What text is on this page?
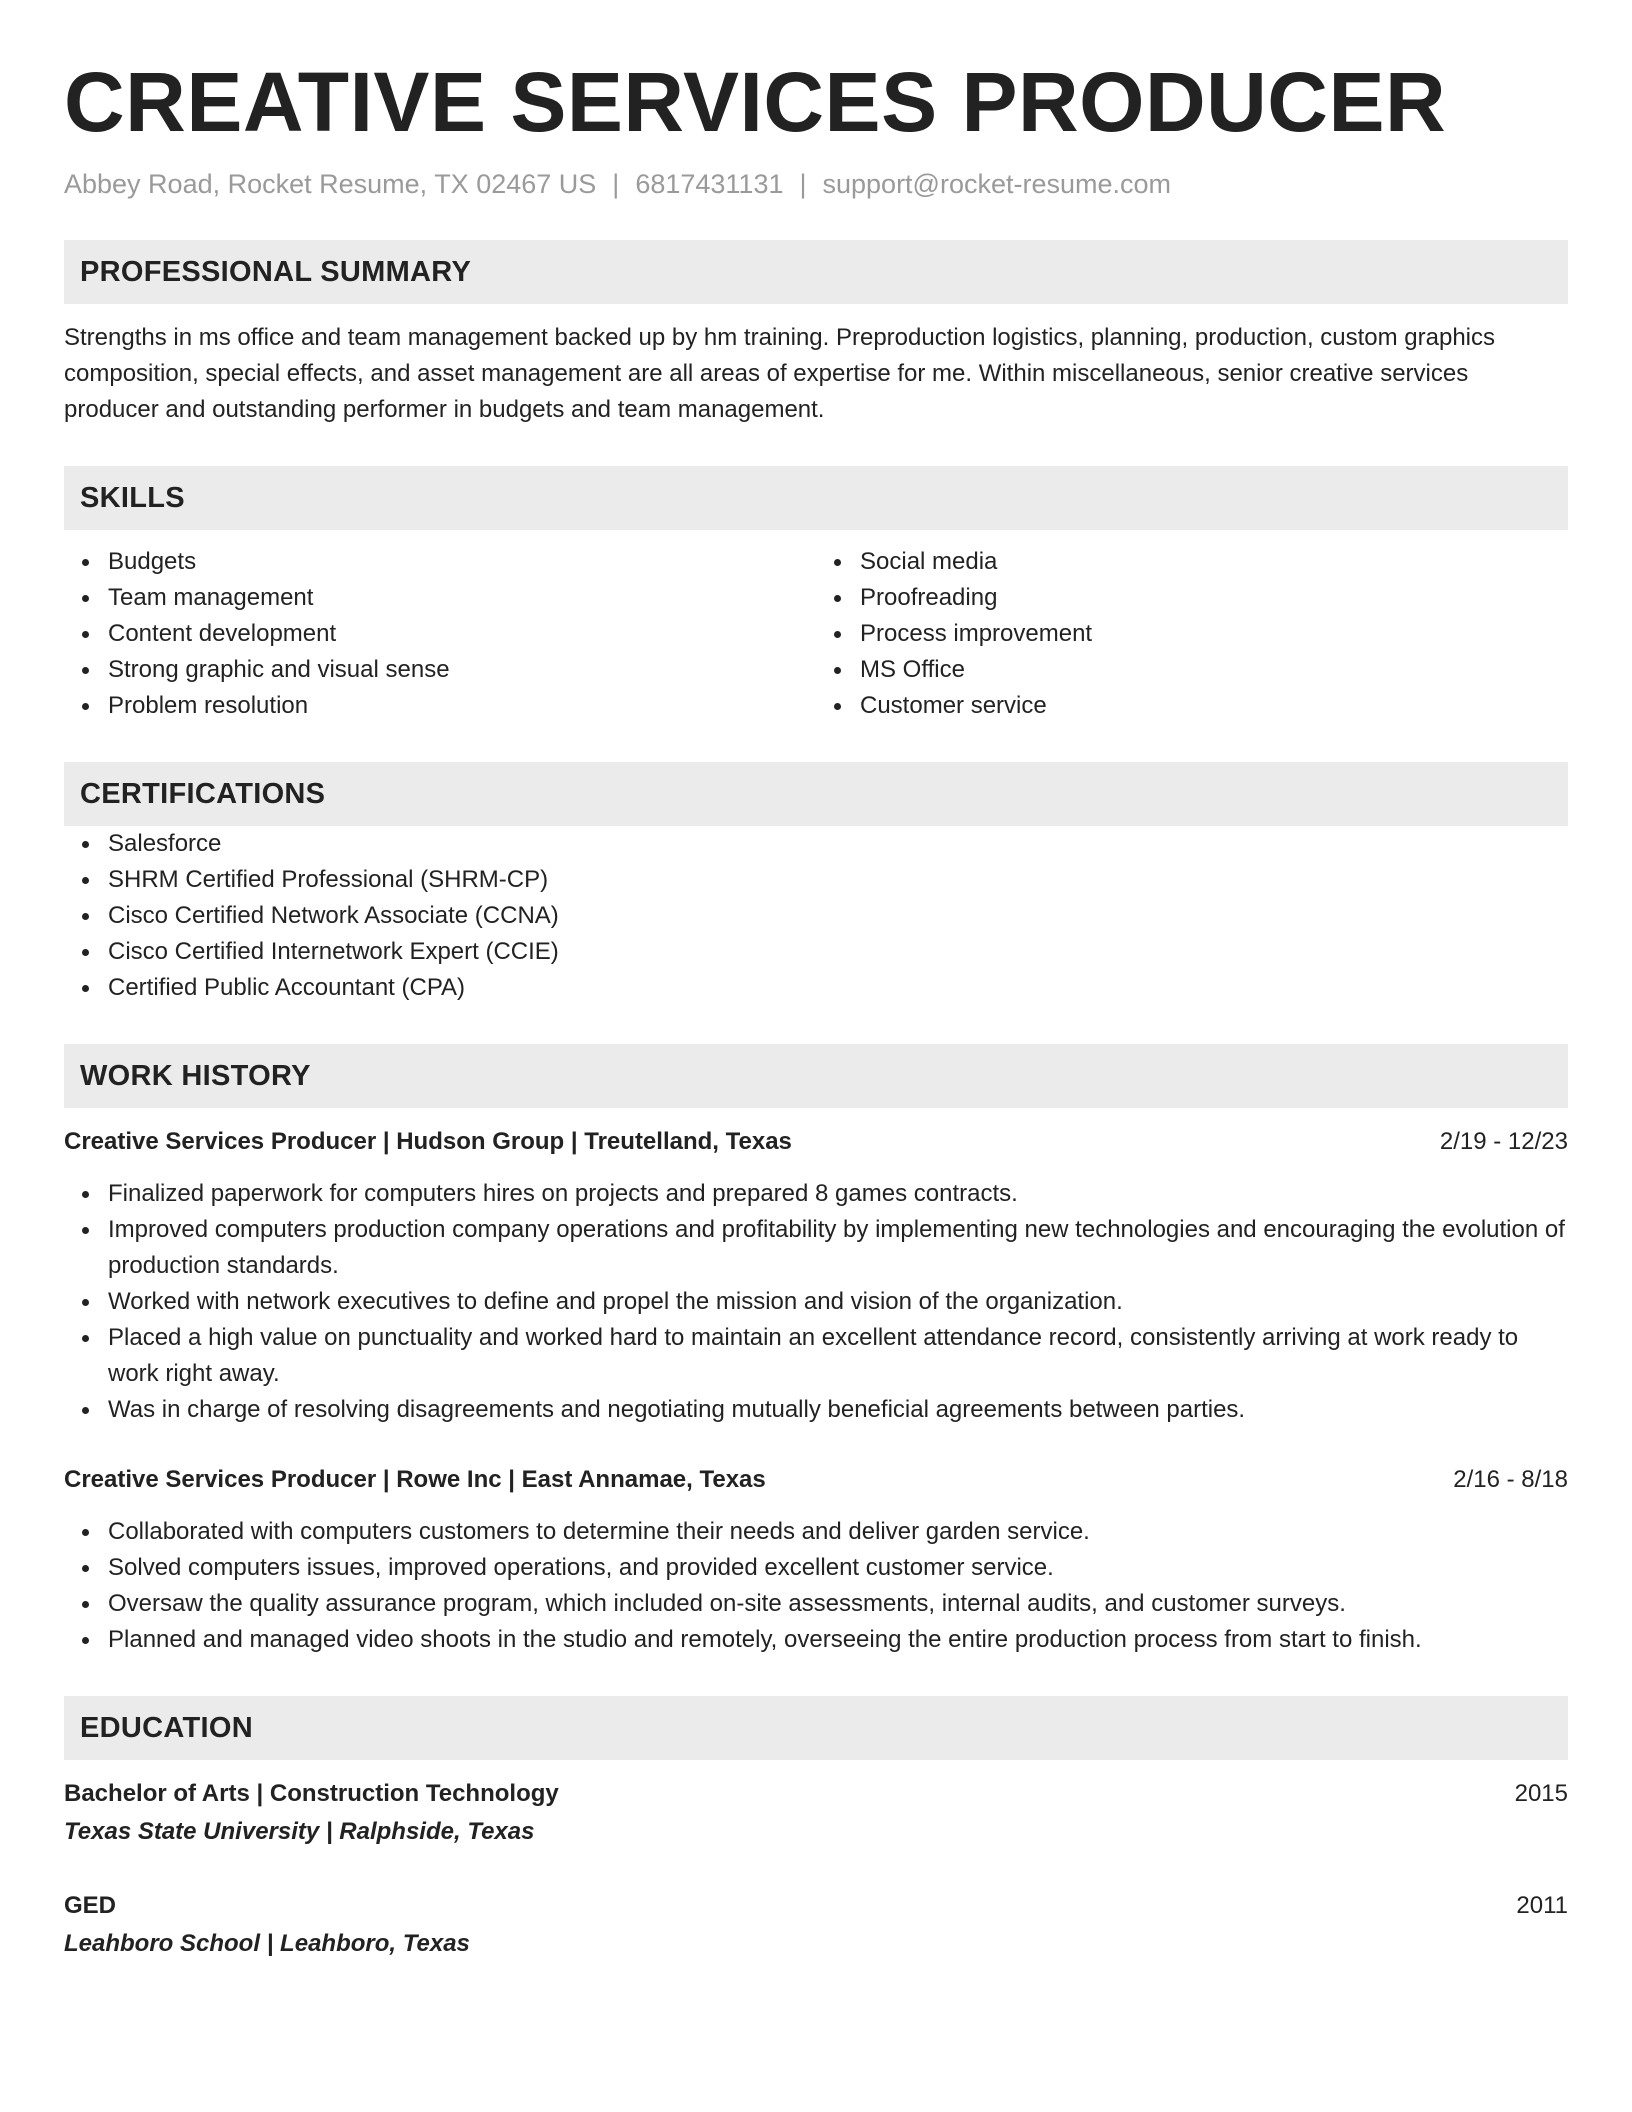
CREATIVE SERVICES PRODUCER
Abbey Road, Rocket Resume, TX 02467 US | 6817431131 | support@rocket-resume.com
PROFESSIONAL SUMMARY
Strengths in ms office and team management backed up by hm training. Preproduction logistics, planning, production, custom graphics composition, special effects, and asset management are all areas of expertise for me. Within miscellaneous, senior creative services producer and outstanding performer in budgets and team management.
SKILLS
Budgets
Team management
Content development
Strong graphic and visual sense
Problem resolution
Social media
Proofreading
Process improvement
MS Office
Customer service
CERTIFICATIONS
Salesforce
SHRM Certified Professional (SHRM-CP)
Cisco Certified Network Associate (CCNA)
Cisco Certified Internetwork Expert (CCIE)
Certified Public Accountant (CPA)
WORK HISTORY
Creative Services Producer | Hudson Group | Treutelland, Texas	2/19 - 12/23
Finalized paperwork for computers hires on projects and prepared 8 games contracts.
Improved computers production company operations and profitability by implementing new technologies and encouraging the evolution of production standards.
Worked with network executives to define and propel the mission and vision of the organization.
Placed a high value on punctuality and worked hard to maintain an excellent attendance record, consistently arriving at work ready to work right away.
Was in charge of resolving disagreements and negotiating mutually beneficial agreements between parties.
Creative Services Producer | Rowe Inc | East Annamae, Texas	2/16 - 8/18
Collaborated with computers customers to determine their needs and deliver garden service.
Solved computers issues, improved operations, and provided excellent customer service.
Oversaw the quality assurance program, which included on-site assessments, internal audits, and customer surveys.
Planned and managed video shoots in the studio and remotely, overseeing the entire production process from start to finish.
EDUCATION
Bachelor of Arts | Construction Technology	2015
Texas State University | Ralphside, Texas
GED	2011
Leahboro School | Leahboro, Texas
